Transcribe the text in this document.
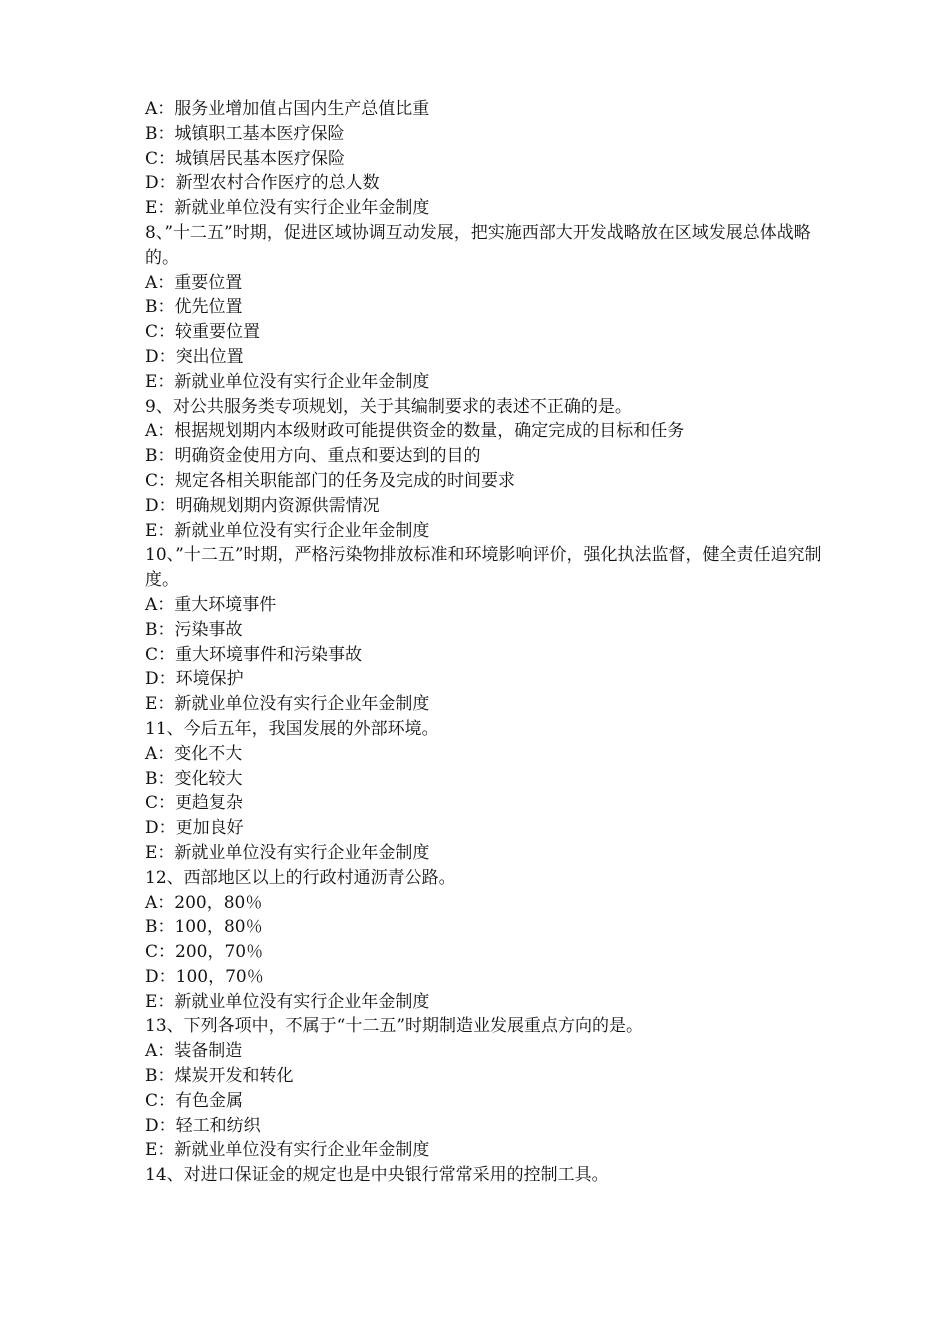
A：服务业增加值占国内生产总值比重
B：城镇职工基本医疗保险
C：城镇居民基本医疗保险
D：新型农村合作医疗的总人数
E：新就业单位没有实行企业年金制度
8、”十二五”时期，促进区域协调互动发展，把实施西部大开发战略放在区域发展总体战略的。
A：重要位置
B：优先位置
C：较重要位置
D：突出位置
E：新就业单位没有实行企业年金制度
9、对公共服务类专项规划，关于其编制要求的表述不正确的是。
A：根据规划期内本级财政可能提供资金的数量，确定完成的目标和任务
B：明确资金使用方向、重点和要达到的目的
C：规定各相关职能部门的任务及完成的时间要求
D：明确规划期内资源供需情况
E：新就业单位没有实行企业年金制度
10、”十二五”时期，严格污染物排放标准和环境影响评价，强化执法监督，健全责任追究制度。
A：重大环境事件
B：污染事故
C：重大环境事件和污染事故
D：环境保护
E：新就业单位没有实行企业年金制度
11、今后五年，我国发展的外部环境。
A：变化不大
B：变化较大
C：更趋复杂
D：更加良好
E：新就业单位没有实行企业年金制度
12、西部地区以上的行政村通沥青公路。
A：200，80％
B：100，80％
C：200，70％
D：100，70％
E：新就业单位没有实行企业年金制度
13、下列各项中，不属于“十二五”时期制造业发展重点方向的是。
A：装备制造
B：煤炭开发和转化
C：有色金属
D：轻工和纺织
E：新就业单位没有实行企业年金制度
14、对进口保证金的规定也是中央银行常常采用的控制工具。
